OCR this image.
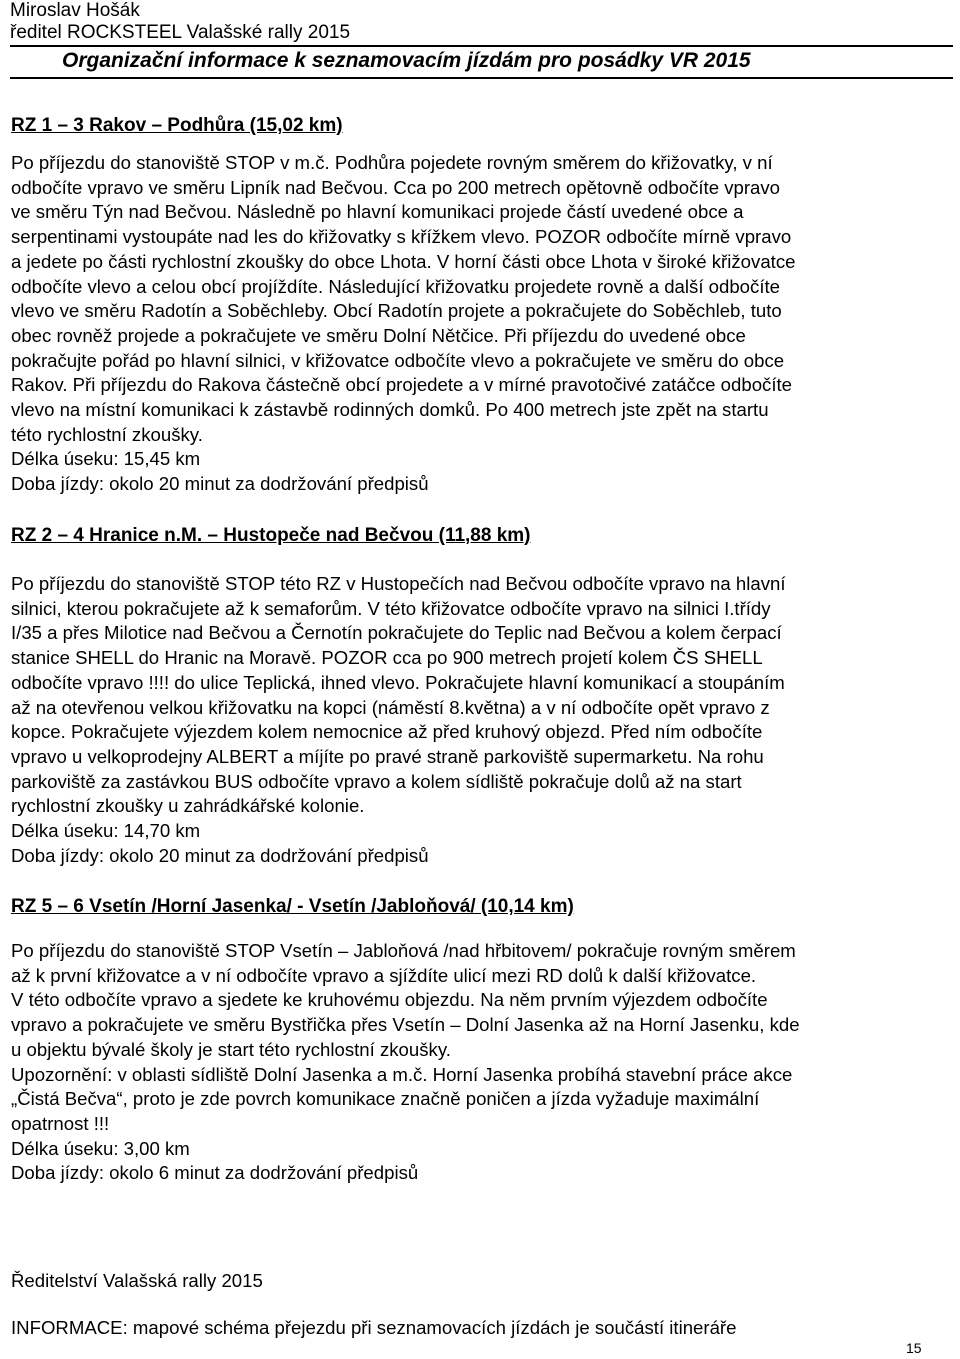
Miroslav Hošák
ředitel ROCKSTEEL Valašské rally 2015
Organizační informace k seznamovacím jízdám pro posádky VR 2015
RZ 1 – 3 Rakov – Podhůra (15,02 km)
Po příjezdu do stanoviště STOP v m.č. Podhůra pojedete rovným směrem do křižovatky, v ní
odbočíte vpravo ve směru Lipník nad Bečvou. Cca po 200 metrech opětovně odbočíte vpravo
ve směru Týn nad Bečvou. Následně po hlavní komunikaci projede částí uvedené obce a
serpentinami vystoupáte nad les do křižovatky s křížkem vlevo. POZOR odbočíte mírně vpravo
a jedete po části rychlostní zkoušky do obce Lhota. V horní části obce Lhota v široké křižovatce
odbočíte vlevo a celou obcí projíždíte. Následující křižovatku projedete rovně a další odbočíte
vlevo ve směru Radotín a Soběchleby. Obcí Radotín projete a pokračujete do Soběchleb, tuto
obec rovněž projede a pokračujete ve směru Dolní Nětčice. Při příjezdu do uvedené obce
pokračujte pořád po hlavní silnici, v křižovatce odbočíte vlevo a pokračujete ve směru do obce
Rakov. Při příjezdu do Rakova částečně obcí projedete a v mírné pravotočivé zatáčce odbočíte
vlevo na místní komunikaci k zástavbě rodinných domků. Po 400 metrech jste zpět na startu
této rychlostní zkoušky.
Délka úseku: 15,45 km
Doba jízdy: okolo 20 minut za dodržování předpisů
RZ 2 – 4 Hranice n.M. – Hustopeče nad Bečvou (11,88 km)
Po příjezdu do stanoviště STOP této RZ v Hustopečích nad Bečvou odbočíte vpravo na hlavní
silnici, kterou pokračujete až k semaforům. V této křižovatce odbočíte vpravo na silnici I.třídy
I/35 a přes Milotice nad Bečvou a Černotín pokračujete do Teplic nad Bečvou a kolem čerpací
stanice SHELL do Hranic na Moravě. POZOR cca po 900 metrech projetí kolem ČS SHELL
odbočíte vpravo !!!! do ulice Teplická, ihned vlevo. Pokračujete hlavní komunikací a stoupáním
až na otevřenou velkou křižovatku na kopci (náměstí 8.května) a v ní odbočíte opět vpravo z
kopce. Pokračujete výjezdem kolem nemocnice až před kruhový objezd. Před ním odbočíte
vpravo u velkoprodejny ALBERT a míjíte po pravé straně parkoviště supermarketu. Na rohu
parkoviště za zastávkou BUS odbočíte vpravo a kolem sídliště pokračuje dolů až na start
rychlostní zkoušky u zahrádkářské kolonie.
Délka úseku: 14,70 km
Doba jízdy: okolo 20 minut za dodržování předpisů
RZ 5 – 6 Vsetín /Horní Jasenka/ - Vsetín /Jabloňová/ (10,14 km)
Po příjezdu do stanoviště STOP Vsetín – Jabloňová /nad hřbitovem/ pokračuje rovným směrem
až k první křižovatce a v ní odbočíte vpravo a sjíždíte ulicí mezi RD dolů k další křižovatce.
V této odbočíte vpravo a sjedete ke kruhovému objezdu. Na něm prvním výjezdem odbočíte
vpravo a pokračujete ve směru Bystřička přes Vsetín – Dolní Jasenka až na Horní Jasenku, kde
u objektu bývalé školy je start této rychlostní zkoušky.
Upozornění: v oblasti sídliště Dolní Jasenka a m.č. Horní Jasenka probíhá stavební práce akce
„Čistá Bečva“, proto je zde povrch komunikace značně poničen a jízda vyžaduje maximální
opatrnost !!!
Délka úseku: 3,00 km
Doba jízdy: okolo 6 minut za dodržování předpisů
Ředitelství Valašská rally 2015
INFORMACE: mapové schéma přejezdu při seznamovacích jízdách je součástí itineráře
15
